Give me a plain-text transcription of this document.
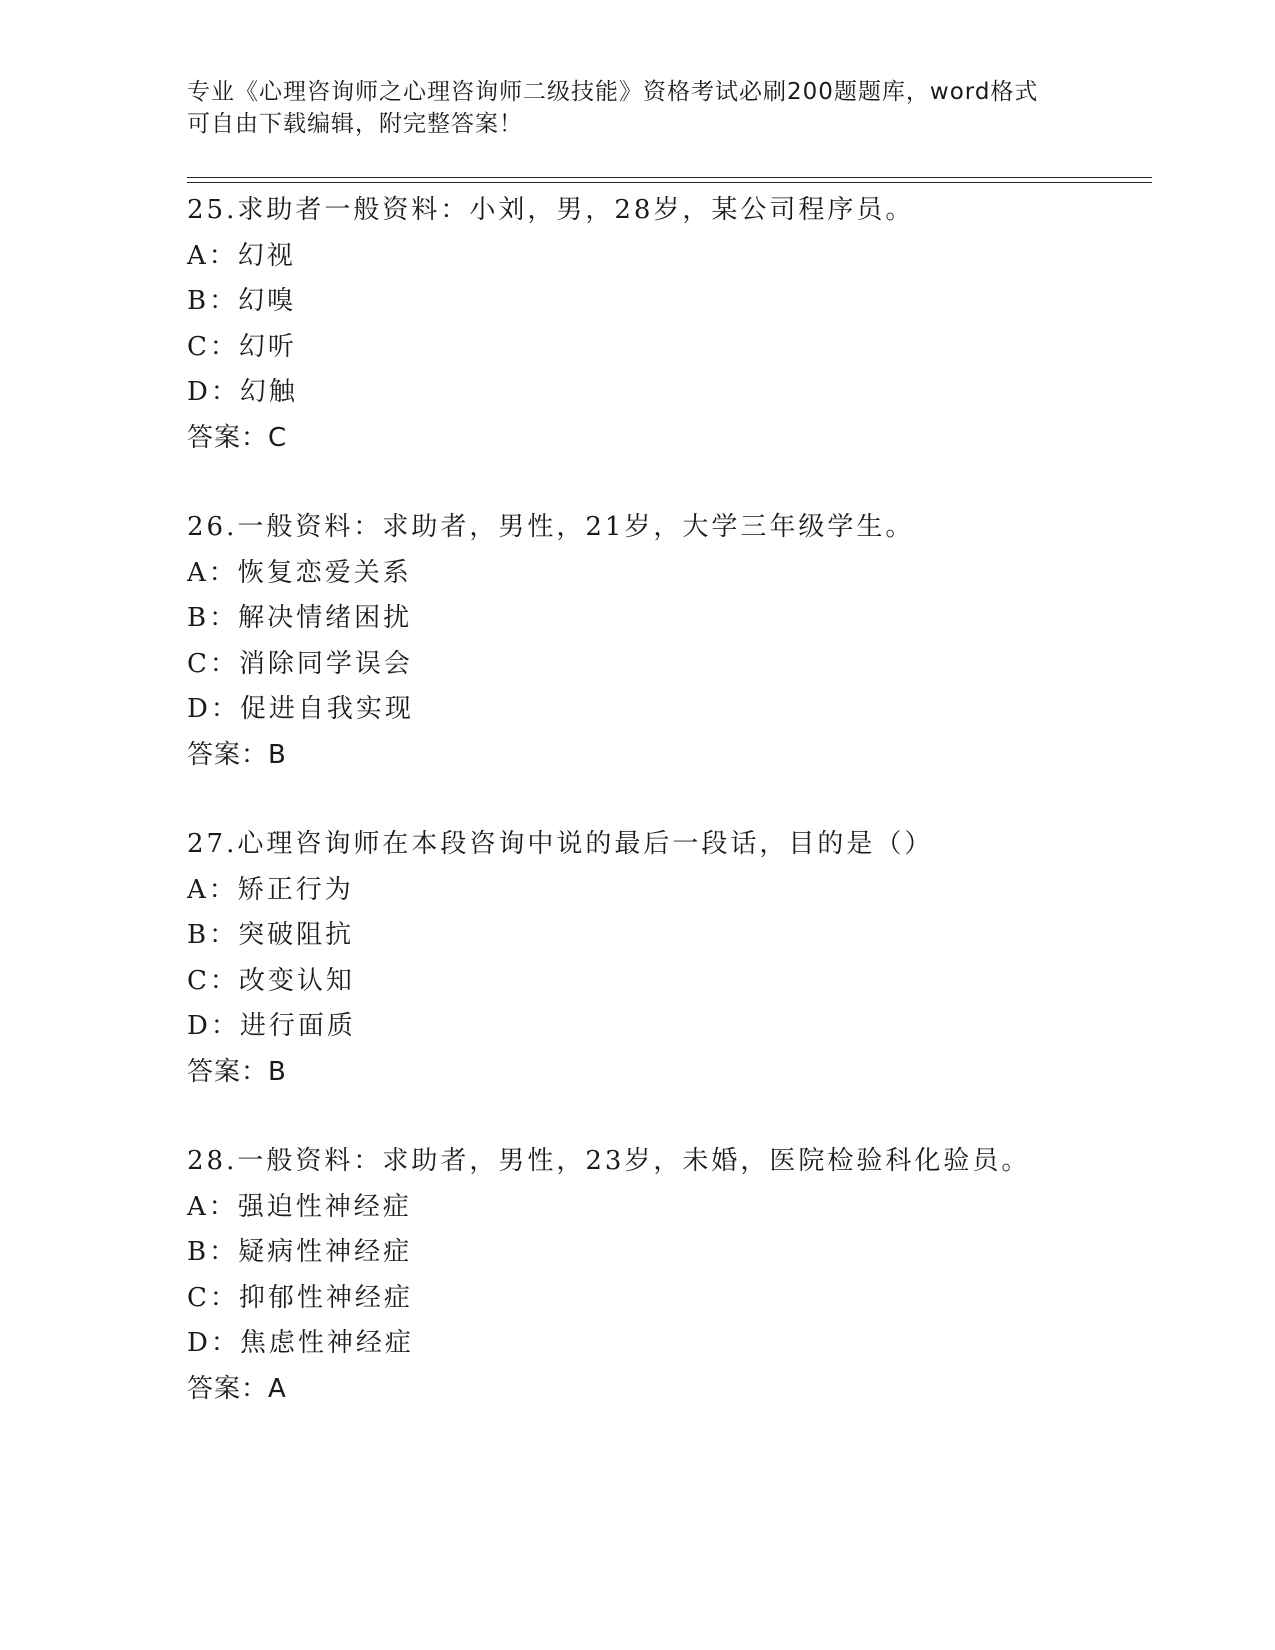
专业《心理咨询师之心理咨询师二级技能》资格考试必刷200题题库，word格式
可自由下载编辑，附完整答案！
25.求助者一般资料：小刘，男，28岁，某公司程序员。
A：幻视
B：幻嗅
C：幻听
D：幻触
答案：C
26.一般资料：求助者，男性，21岁，大学三年级学生。
A：恢复恋爱关系
B：解决情绪困扰
C：消除同学误会
D：促进自我实现
答案：B
27.心理咨询师在本段咨询中说的最后一段话，目的是（）
A：矫正行为
B：突破阻抗
C：改变认知
D：进行面质
答案：B
28.一般资料：求助者，男性，23岁，未婚，医院检验科化验员。
A：强迫性神经症
B：疑病性神经症
C：抑郁性神经症
D：焦虑性神经症
答案：A
